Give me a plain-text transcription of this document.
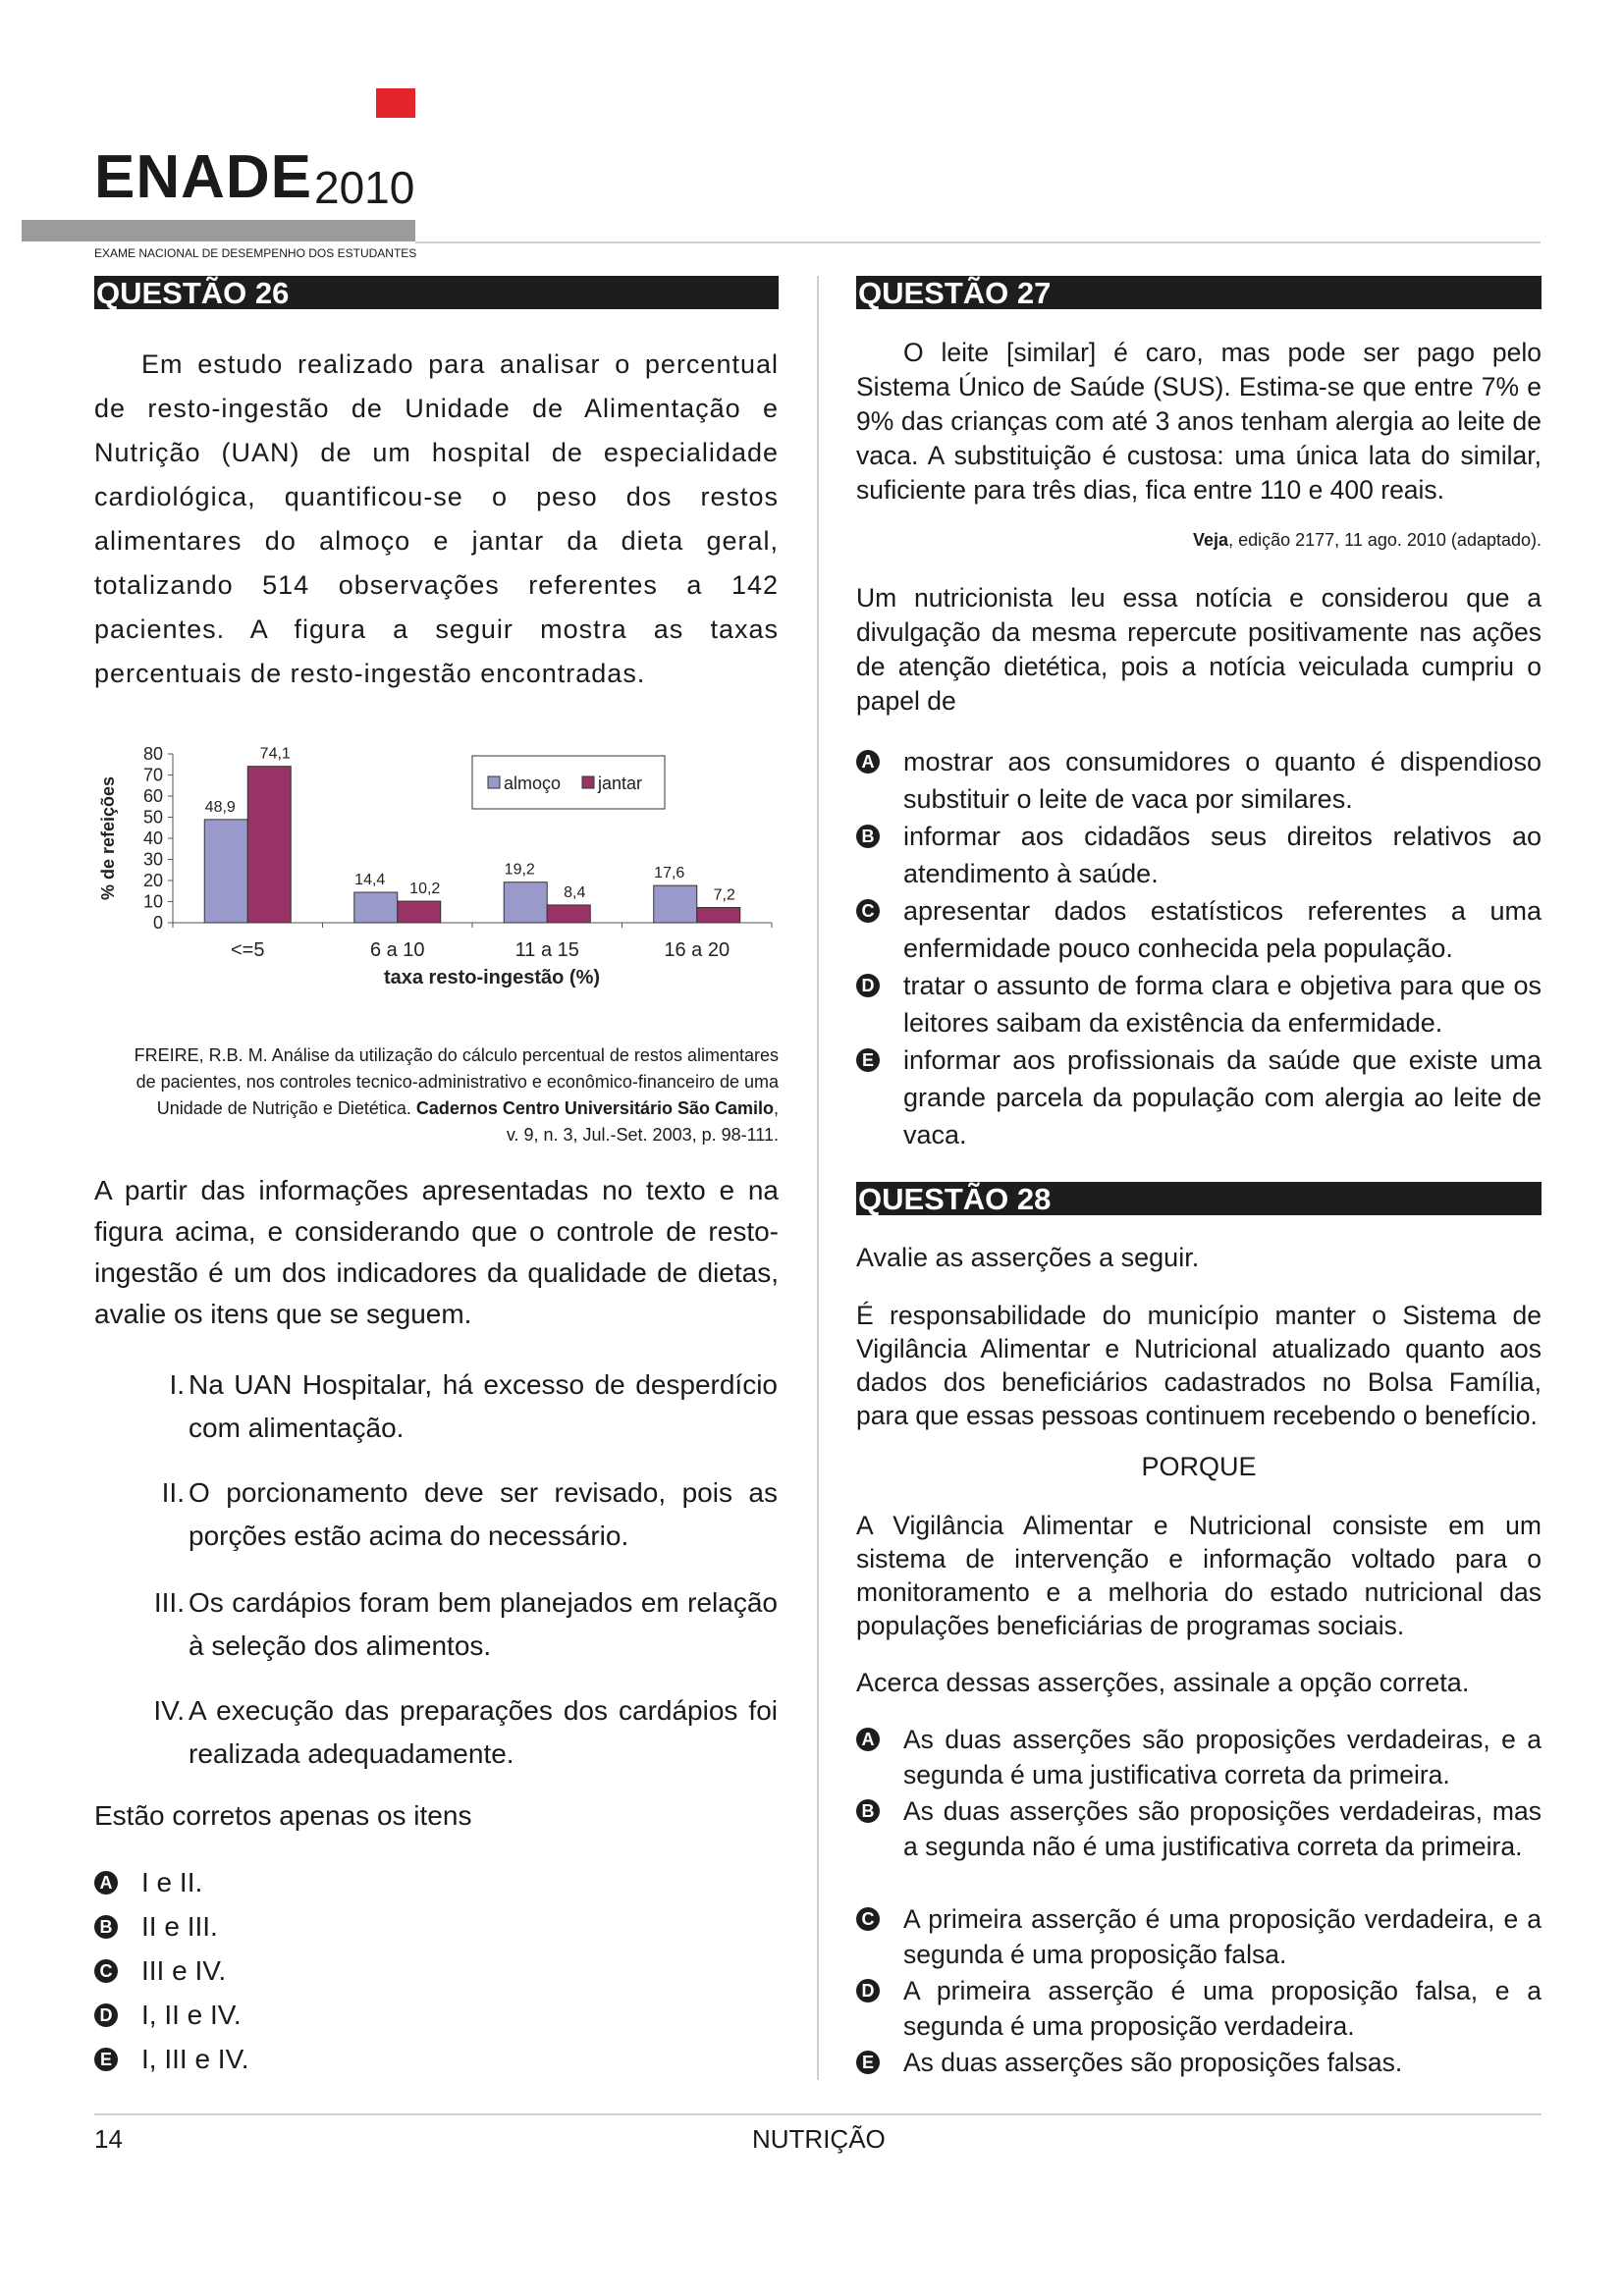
ENADE 2010
EXAME NACIONAL DE DESEMPENHO DOS ESTUDANTES
QUESTÃO 26
Em estudo realizado para analisar o percentual de resto-ingestão de Unidade de Alimentação e Nutrição (UAN) de um hospital de especialidade cardiológica, quantificou-se o peso dos restos alimentares do almoço e jantar da dieta geral, totalizando 514 observações referentes a 142 pacientes. A figura a seguir mostra as taxas percentuais de resto-ingestão encontradas.
0
10
20
30
40
50
60
70
80
% de refeições	48,9
74,1
<=5
14,4
10,2
6 a 10
19,2
8,4
11 a 15
17,6
7,2
16 a 20
taxa resto-ingestão (%)
almoço jantar
FREIRE, R.B. M. Análise da utilização do cálculo percentual de restos alimentares
de pacientes, nos controles tecnico-administrativo e econômico-financeiro de uma
Unidade de Nutrição e Dietética. Cadernos Centro Universitário São Camilo,
v. 9, n. 3, Jul.-Set. 2003, p. 98-111.
A partir das informações apresentadas no texto e na figura acima, e considerando que o controle de resto-ingestão é um dos indicadores da qualidade de dietas, avalie os itens que se seguem.
I. Na UAN Hospitalar, há excesso de desperdício com alimentação.
II. O porcionamento deve ser revisado, pois as porções estão acima do necessário.
III. Os cardápios foram bem planejados em relação à seleção dos alimentos.
IV. A execução das preparações dos cardápios foi realizada adequadamente.
Estão corretos apenas os itens
A I e II.
B II e III.
C III e IV.
D I, II e IV.
E I, III e IV.
QUESTÃO 27
O leite [similar] é caro, mas pode ser pago pelo Sistema Único de Saúde (SUS). Estima-se que entre 7% e 9% das crianças com até 3 anos tenham alergia ao leite de vaca. A substituição é custosa: uma única lata do similar, suficiente para três dias, fica entre 110 e 400 reais.
Veja, edição 2177, 11 ago. 2010 (adaptado).
Um nutricionista leu essa notícia e considerou que a divulgação da mesma repercute positivamente nas ações de atenção dietética, pois a notícia veiculada cumpriu o papel de
A mostrar aos consumidores o quanto é dispendioso substituir o leite de vaca por similares.
B informar aos cidadãos seus direitos relativos ao atendimento à saúde.
C apresentar dados estatísticos referentes a uma enfermidade pouco conhecida pela população.
D tratar o assunto de forma clara e objetiva para que os leitores saibam da existência da enfermidade.
E informar aos profissionais da saúde que existe uma grande parcela da população com alergia ao leite de vaca.
QUESTÃO 28
Avalie as asserções a seguir.
É responsabilidade do município manter o Sistema de Vigilância Alimentar e Nutricional atualizado quanto aos dados dos beneficiários cadastrados no Bolsa Família, para que essas pessoas continuem recebendo o benefício.
PORQUE
A Vigilância Alimentar e Nutricional consiste em um sistema de intervenção e informação voltado para o monitoramento e a melhoria do estado nutricional das populações beneficiárias de programas sociais.
Acerca dessas asserções, assinale a opção correta.
A As duas asserções são proposições verdadeiras, e a segunda é uma justificativa correta da primeira.
B As duas asserções são proposições verdadeiras, mas a segunda não é uma justificativa correta da primeira.
C A primeira asserção é uma proposição verdadeira, e a segunda é uma proposição falsa.
D A primeira asserção é uma proposição falsa, e a segunda é uma proposição verdadeira.
E As duas asserções são proposições falsas.
14	NUTRIÇÃO
